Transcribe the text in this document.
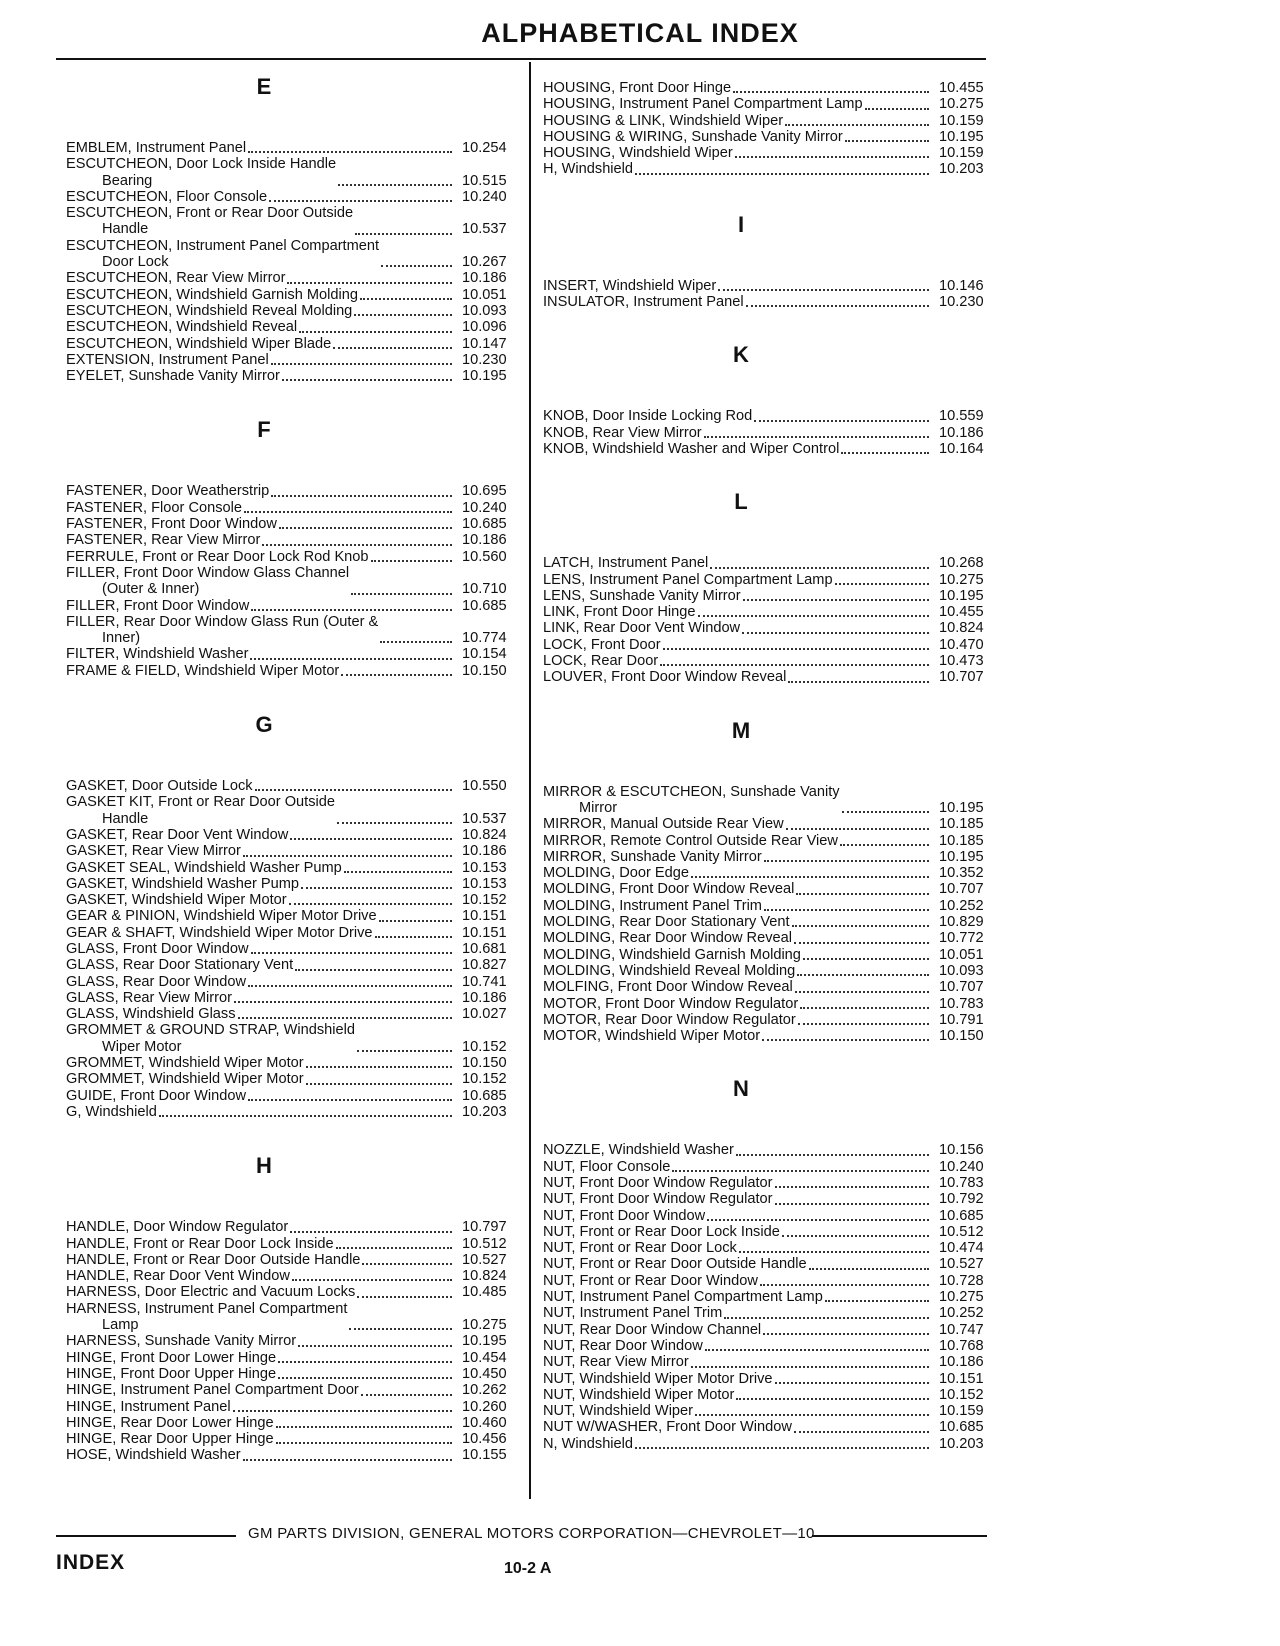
ALPHABETICAL INDEX
E
EMBLEM, Instrument Panel	10.254
ESCUTCHEON, Door Lock Inside Handle
Bearing	10.515
ESCUTCHEON, Floor Console	10.240
ESCUTCHEON, Front or Rear Door Outside
Handle	10.537
ESCUTCHEON, Instrument Panel Compartment
Door Lock	10.267
ESCUTCHEON, Rear View Mirror	10.186
ESCUTCHEON, Windshield Garnish Molding	10.051
ESCUTCHEON, Windshield Reveal Molding	10.093
ESCUTCHEON, Windshield Reveal	10.096
ESCUTCHEON, Windshield Wiper Blade	10.147
EXTENSION, Instrument Panel	10.230
EYELET, Sunshade Vanity Mirror	10.195
F
FASTENER, Door Weatherstrip	10.695
FASTENER, Floor Console	10.240
FASTENER, Front Door Window	10.685
FASTENER, Rear View Mirror	10.186
FERRULE, Front or Rear Door Lock Rod Knob	10.560
FILLER, Front Door Window Glass Channel
(Outer & Inner)	10.710
FILLER, Front Door Window	10.685
FILLER, Rear Door Window Glass Run (Outer &
Inner)	10.774
FILTER, Windshield Washer	10.154
FRAME & FIELD, Windshield Wiper Motor	10.150
G
GASKET, Door Outside Lock	10.550
GASKET KIT, Front or Rear Door Outside
Handle	10.537
GASKET, Rear Door Vent Window	10.824
GASKET, Rear View Mirror	10.186
GASKET SEAL, Windshield Washer Pump	10.153
GASKET, Windshield Washer Pump	10.153
GASKET, Windshield Wiper Motor	10.152
GEAR & PINION, Windshield Wiper Motor Drive	10.151
GEAR & SHAFT, Windshield Wiper Motor Drive	10.151
GLASS, Front Door Window	10.681
GLASS, Rear Door Stationary Vent	10.827
GLASS, Rear Door Window	10.741
GLASS, Rear View Mirror	10.186
GLASS, Windshield Glass	10.027
GROMMET & GROUND STRAP, Windshield
Wiper Motor	10.152
GROMMET, Windshield Wiper Motor	10.150
GROMMET, Windshield Wiper Motor	10.152
GUIDE, Front Door Window	10.685
G, Windshield	10.203
H
HANDLE, Door Window Regulator	10.797
HANDLE, Front or Rear Door Lock Inside	10.512
HANDLE, Front or Rear Door Outside Handle	10.527
HANDLE, Rear Door Vent Window	10.824
HARNESS, Door Electric and Vacuum Locks	10.485
HARNESS, Instrument Panel Compartment
Lamp	10.275
HARNESS, Sunshade Vanity Mirror	10.195
HINGE, Front Door Lower Hinge	10.454
HINGE, Front Door Upper Hinge	10.450
HINGE, Instrument Panel Compartment Door	10.262
HINGE, Instrument Panel	10.260
HINGE, Rear Door Lower Hinge	10.460
HINGE, Rear Door Upper Hinge	10.456
HOSE, Windshield Washer	10.155
HOUSING, Front Door Hinge	10.455
HOUSING, Instrument Panel Compartment Lamp	10.275
HOUSING & LINK, Windshield Wiper	10.159
HOUSING & WIRING, Sunshade Vanity Mirror	10.195
HOUSING, Windshield Wiper	10.159
H, Windshield	10.203
I
INSERT, Windshield Wiper	10.146
INSULATOR, Instrument Panel	10.230
K
KNOB, Door Inside Locking Rod	10.559
KNOB, Rear View Mirror	10.186
KNOB, Windshield Washer and Wiper Control	10.164
L
LATCH, Instrument Panel	10.268
LENS, Instrument Panel Compartment Lamp	10.275
LENS, Sunshade Vanity Mirror	10.195
LINK, Front Door Hinge	10.455
LINK, Rear Door Vent Window	10.824
LOCK, Front Door	10.470
LOCK, Rear Door	10.473
LOUVER, Front Door Window Reveal	10.707
M
MIRROR & ESCUTCHEON, Sunshade Vanity
Mirror	10.195
MIRROR, Manual Outside Rear View	10.185
MIRROR, Remote Control Outside Rear View	10.185
MIRROR, Sunshade Vanity Mirror	10.195
MOLDING, Door Edge	10.352
MOLDING, Front Door Window Reveal	10.707
MOLDING, Instrument Panel Trim	10.252
MOLDING, Rear Door Stationary Vent	10.829
MOLDING, Rear Door Window Reveal	10.772
MOLDING, Windshield Garnish Molding	10.051
MOLDING, Windshield Reveal Molding	10.093
MOLFING, Front Door Window Reveal	10.707
MOTOR, Front Door Window Regulator	10.783
MOTOR, Rear Door Window Regulator	10.791
MOTOR, Windshield Wiper Motor	10.150
N
NOZZLE, Windshield Washer	10.156
NUT, Floor Console	10.240
NUT, Front Door Window Regulator	10.783
NUT, Front Door Window Regulator	10.792
NUT, Front Door Window	10.685
NUT, Front or Rear Door Lock Inside	10.512
NUT, Front or Rear Door Lock	10.474
NUT, Front or Rear Door Outside Handle	10.527
NUT, Front or Rear Door Window	10.728
NUT, Instrument Panel Compartment Lamp	10.275
NUT, Instrument Panel Trim	10.252
NUT, Rear Door Window Channel	10.747
NUT, Rear Door Window	10.768
NUT, Rear View Mirror	10.186
NUT, Windshield Wiper Motor Drive	10.151
NUT, Windshield Wiper Motor	10.152
NUT, Windshield Wiper	10.159
NUT W/WASHER, Front Door Window	10.685
N, Windshield	10.203
GM PARTS DIVISION, GENERAL MOTORS CORPORATION—CHEVROLET—10
INDEX	10-2 A
